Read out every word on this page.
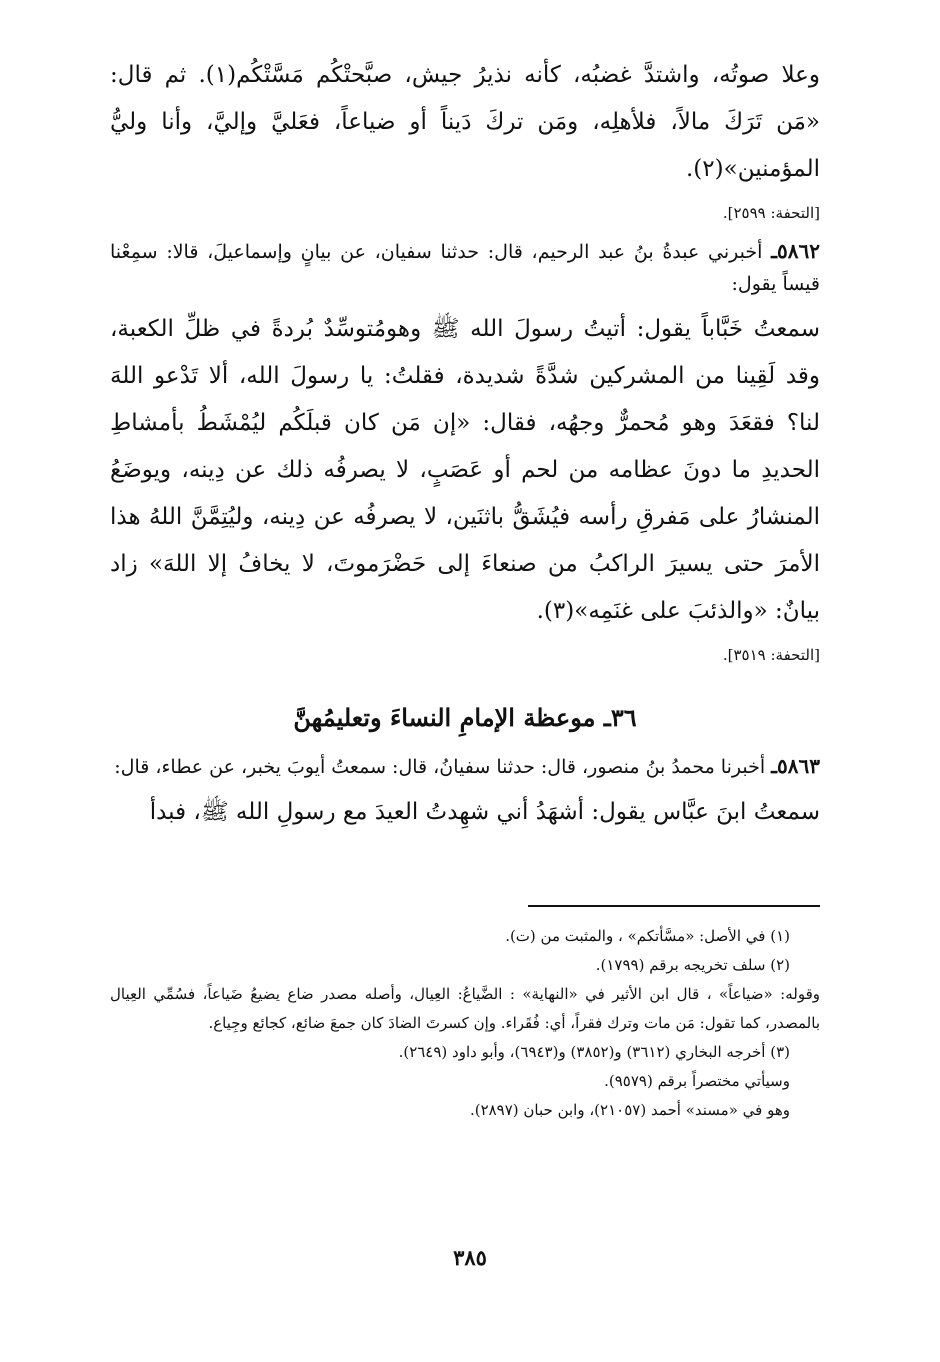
وعلا صوتُه، واشتدَّ غضبُه، كأنه نذيرُ جيش، صبَّحتْكُم مَسَّتْكُم(١). ثم قال: «مَن تَرَكَ مالاً، فلأهلِه، ومَن تركَ دَيناً أو ضياعاً، فعَليَّ وإليَّ، وأنا وليُّ المؤمنين»(٢).

[التحفة: ٢٥٩٩].

٥٨٦٢ـ أخبرني عبدةُ بنُ عبد الرحيم، قال: حدثنا سفيان، عن بيانٍ وإسماعيلَ، قالا: سمِعْنا قيساً يقول:

سمعتُ خَبَّاباً يقول: أتيتُ رسولَ الله ﷺ وهومُتوسِّدٌ بُردةً في ظلِّ الكعبة، وقد لَقِينا من المشركين شدَّةً شديدة، فقلتُ: يا رسولَ الله، ألا تَدْعو اللهَ لنا؟ فقعَدَ وهو مُحمرٌّ وجهُه، فقال: «إن مَن كان قبلَكُم ليُمْشَطُ بأمشاطِ الحديدِ ما دونَ عظامه من لحم أو عَصَبٍ، لا يصرفُه ذلك عن دِينه، ويوضَعُ المنشارُ على مَفرقِ رأسه فيُشَقُّ باثنَين، لا يصرفُه عن دِينه، وليُتِمَّنَّ اللهُ هذا الأمرَ حتى يسيرَ الراكبُ من صنعاءَ إلى حَضْرَموتَ، لا يخافُ إلا اللهَ» زاد بيانٌ: «والذئبَ على غنَمِه»(٣).

[التحفة: ٣٥١٩].

٣٦ـ موعظة الإمامِ النساءَ وتعليمُهنَّ

٥٨٦٣ـ أخبرنا محمدُ بنُ منصور، قال: حدثنا سفيانُ، قال: سمعتُ أيوبَ يخبر، عن عطاء، قال:

سمعتُ ابنَ عبَّاس يقول: أشهَدُ أني شهِدتُ العيدَ مع رسولِ الله ﷺ، فبدأ

(١) في الأصل: «مسَّأتكم» ، والمثبت من (ت).

(٢) سلف تخريجه برقم (١٧٩٩).

وقوله: «ضياعاً» ، قال ابن الأثير في «النهاية» : الضَّياعُ: العِيال، وأصله مصدر ضاع يضيعُ ضَياعاً، فسُمِّي العِيال بالمصدر، كما تقول: مَن مات وترك فقراً، أي: فُقَراء. وإن كسرتَ الضادَ كان جمعَ ضائع، كجائع وجِياع.

(٣) أخرجه البخاري (٣٦١٢) و(٣٨٥٢) و(٦٩٤٣)، وأبو داود (٢٦٤٩).

وسيأتي مختصراً برقم (٩٥٧٩).

وهو في «مسند» أحمد (٢١٠٥٧)، وابن حبان (٢٨٩٧).

٣٨٥
